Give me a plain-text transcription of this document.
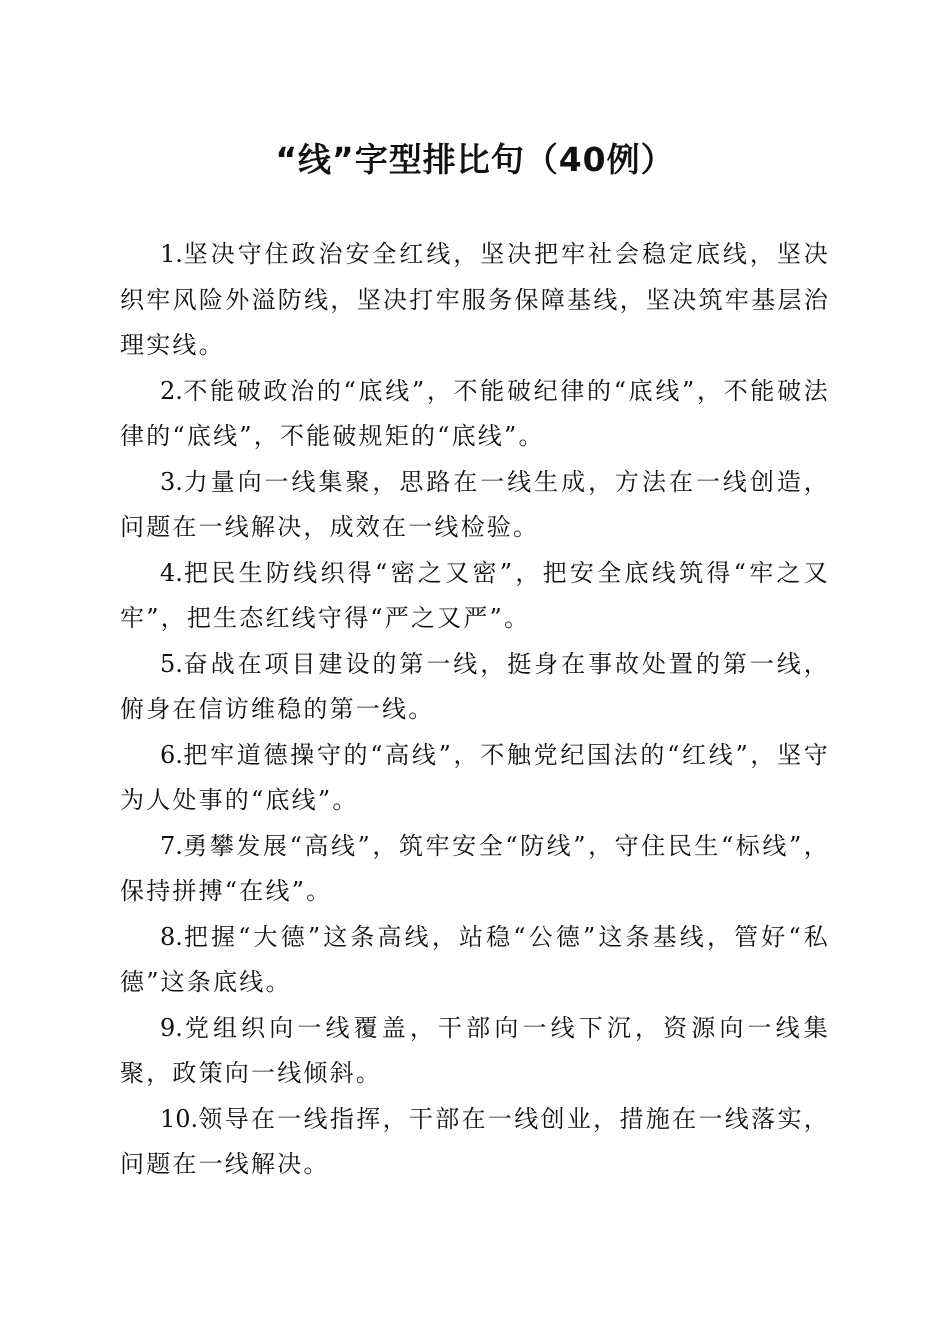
“线”字型排比句（40例）

1.坚决守住政治安全红线，坚决把牢社会稳定底线，坚决织牢风险外溢防线，坚决打牢服务保障基线，坚决筑牢基层治理实线。

2.不能破政治的“底线”，不能破纪律的“底线”，不能破法律的“底线”，不能破规矩的“底线”。

3.力量向一线集聚，思路在一线生成，方法在一线创造，问题在一线解决，成效在一线检验。

4.把民生防线织得“密之又密”，把安全底线筑得“牢之又牢”，把生态红线守得“严之又严”。

5.奋战在项目建设的第一线，挺身在事故处置的第一线，俯身在信访维稳的第一线。

6.把牢道德操守的“高线”，不触党纪国法的“红线”，坚守为人处事的“底线”。

7.勇攀发展“高线”，筑牢安全“防线”，守住民生“标线”，保持拼搏“在线”。

8.把握“大德”这条高线，站稳“公德”这条基线，管好“私德”这条底线。

9.党组织向一线覆盖，干部向一线下沉，资源向一线集聚，政策向一线倾斜。

10.领导在一线指挥，干部在一线创业，措施在一线落实，问题在一线解决。
